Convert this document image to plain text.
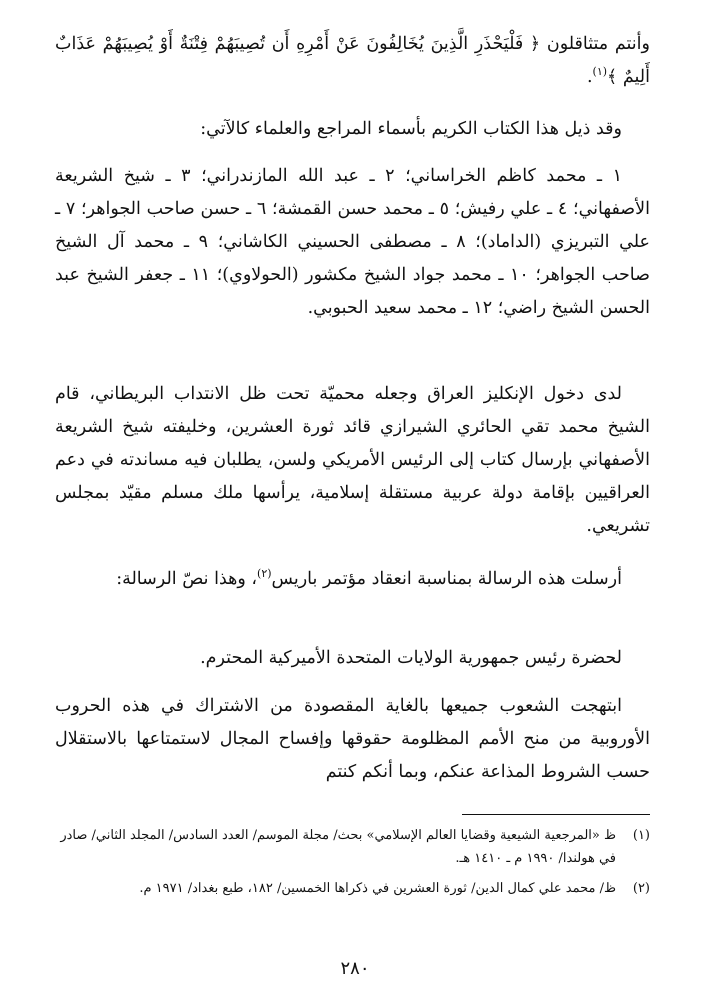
وأنتم متثاقلون ﴿ فَلْيَحْذَرِ الَّذِينَ يُخَالِفُونَ عَنْ أَمْرِهِ أَن تُصِيبَهُمْ فِتْنَةٌ أَوْ يُصِيبَهُمْ عَذَابٌ أَلِيمٌ ﴾$^{(١)}$.

وقد ذيل هذا الكتاب الكريم بأسماء المراجع والعلماء كالآتي:

١ ـ محمد كاظم الخراساني؛ ٢ ـ عبد الله المازندراني؛ ٣ ـ شيخ الشريعة الأصفهاني؛ ٤ ـ علي رفيش؛ ٥ ـ محمد حسن القمشة؛ ٦ ـ حسن صاحب الجواهر؛ ٧ ـ علي التبريزي (الداماد)؛ ٨ ـ مصطفى الحسيني الكاشاني؛ ٩ ـ محمد آل الشيخ صاحب الجواهر؛ ١٠ ـ محمد جواد الشيخ مكشور (الحولاوي)؛ ١١ ـ جعفر الشيخ عبد الحسن الشيخ راضي؛ ١٢ ـ محمد سعيد الحبوبي.

لدى دخول الإنكليز العراق وجعله محميّة تحت ظل الانتداب البريطاني، قام الشيخ محمد تقي الحائري الشيرازي قائد ثورة العشرين، وخليفته شيخ الشريعة الأصفهاني بإرسال كتاب إلى الرئيس الأمريكي ولسن، يطلبان فيه مساندته في دعم العراقيين بإقامة دولة عربية مستقلة إسلامية، يرأسها ملك مسلم مقيّد بمجلس تشريعي.

أرسلت هذه الرسالة بمناسبة انعقاد مؤتمر باريس$^{(٢)}$، وهذا نصّ الرسالة:

لحضرة رئيس جمهورية الولايات المتحدة الأميركية المحترم.

ابتهجت الشعوب جميعها بالغاية المقصودة من الاشتراك في هذه الحروب الأوروبية من منح الأمم المظلومة حقوقها وإفساح المجال لاستمتاعها بالاستقلال حسب الشروط المذاعة عنكم، وبما أنكم كنتم

(١)
ظ «المرجعية الشيعية وقضايا العالم الإسلامي» بحث/ مجلة الموسم/ العدد السادس/ المجلد الثاني/ صادر في هولندا/ ١٩٩٠ م ـ ١٤١٠ هـ.
(٢)
ظ/ محمد علي كمال الدين/ ثورة العشرين في ذكراها الخمسين/ ١٨٢، طبع بغداد/ ١٩٧١ م.
٢٨٠
